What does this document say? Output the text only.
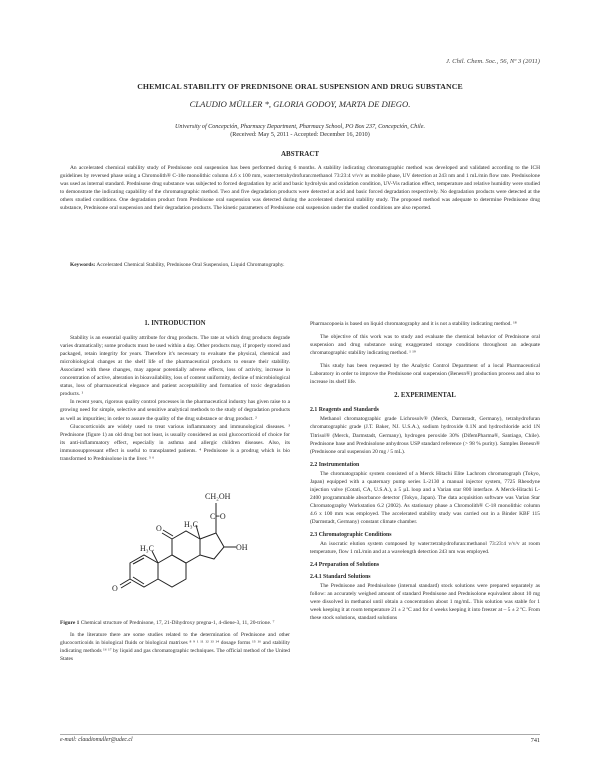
J. Chil. Chem. Soc., 56, Nº 3 (2011)
CHEMICAL STABILITY OF PREDNISONE ORAL SUSPENSION AND DRUG SUBSTANCE
CLAUDIO MÜLLER *, GLORIA GODOY, MARTA DE DIEGO.
University of Concepción, Pharmacy Department, Pharmacy School, PO Box 237, Concepción, Chile.
(Received: May 5, 2011 - Accepted: December 16, 2010)
ABSTRACT
An accelerated chemical stability study of Prednisone oral suspension has been performed during 6 months. A stability indicating chromatographic method was developed and validated according to the ICH guidelines by reversed phase using a Chromolith® C-18e monolithic column 4.6 x 100 mm, water:tetrahydrofuran:methanol 73:23:4 v/v/v as mobile phase, UV detection at 243 nm and 1 mL/min flow rate. Prednisolone was used as internal standard. Prednisone drug substance was subjected to forced degradation by acid and basic hydrolysis and oxidation condition, UV-Vis radiation effect, temperature and relative humidity were studied to demonstrate the indicating capability of the chromatographic method. Two and five degradation products were detected at acid and basic forced degradation respectively. No degradation products were detected at the others studied conditions. One degradation product from Prednisone oral suspension was detected during the accelerated chemical stability study. The proposed method was adequate to determine Prednisone drug substance, Prednisone oral suspension and their degradation products. The kinetic parameters of Prednisone oral suspension under the studied conditions are also reported.
Keywords: Accelerated Chemical Stability, Prednisone Oral Suspension, Liquid Chromatography.
1. INTRODUCTION

Stability is an essential quality attribute for drug products. The rate at which drug products degrade varies dramatically; some products must be used within a day. Other products may, if properly stored and packaged, retain integrity for years. Therefore it's necessary to evaluate the physical, chemical and microbiological changes at the shelf life of the pharmaceutical products to ensure their stability. Associated with these changes, may appear potentially adverse effects, loss of activity, increase in concentration of active, alteration in bioavailability, loss of content uniformity, decline of microbiological status, loss of pharmaceutical elegance and patient acceptability and formation of toxic degradation products. ¹

In recent years, rigorous quality control processes in the pharmaceutical industry has given raise to a growing need for simple, selective and sensitive analytical methods to the study of degradation products as well as impurities; in order to assure the quality of the drug substance or drug product. ²

Glucocorticoids are widely used to treat various inflammatory and immunological diseases. ³ Prednisone (figure 1) an old drug but not least, is usually considered as oral glucocorticoid of choice for its anti-inflammatory effect, especially in asthma and allergic children diseases. Also, its immunosuppressant effect is useful to transplanted patients. ⁴ Prednisone is a prodrug which is bio transformed to Prednisolone in the liver. ⁵ ⁶

CH₂OH
C=O
H₃C
H₃C	OH
O
O

Figure 1 Chemical structure of Prednisone, 17, 21-Dihydroxy pregna-1, 4-diene-3, 11, 20-trione. ⁷

In the literature there are some studies related to the determination of Prednisone and other glucocorticoids in biological fluids or biological matrixes ⁸ ⁹ ¹ ¹¹ ¹² ¹³ ¹⁴ dosage forms ¹⁵ ¹⁶ and stability indicating methods ¹⁶ ¹⁷ by liquid and gas chromatographic techniques. The official method of the United States

Pharmacopoeia is based on liquid chromatography and it is not a stability indicating method. ¹⁸

The objective of this work was to study and evaluate the chemical behavior of Prednisone oral suspension and drug substance using exaggerated storage conditions throughout an adequate chromatographic stability indicating method. ¹ ¹⁹

This study has been requested by the Analytic Control Department of a local Pharmaceutical Laboratory in order to improve the Prednisone oral suspension (Benesn®) production process and also to increase its shelf life.

2. EXPERIMENTAL
2.1 Reagents and Standards

Methanol chromatographic grade Lichrosolv® (Merck, Darmstadt, Germany), tetrahydrofuran chromatographic grade (J.T. Baker, NJ. U.S.A.), sodium hydroxide 0.1N and hydrochloride acid 1N Titrisol® (Merck, Darmstadt, Germany), hydrogen peroxide 30% (DifemPharma®, Santiago, Chile). Prednisone base and Prednisolone anhydrous USP standard reference (> 98 % purity). Samples Benesn® (Prednisone oral suspension 20 mg / 5 mL).

2.2 Instrumentation

The chromatographic system consisted of a Merck Hitachi Elite Lachrom chromatograph (Tokyo, Japan) equipped with a quaternary pump series L-2130 a manual injector system, 7725 Rheodyne injection valve (Cotati, CA, U.S.A.), a 5 µL loop and a Varian star 800 interface. A Merck-Hitachi L-2400 programmable absorbance detector (Tokyo, Japan). The data acquisition software was Varian Star Chromatography Workstation 6.2 (2002). As stationary phase a Chromolith® C-18 monolithic column 4.6 x 100 mm was employed. The accelerated stability study was carried out in a Binder KBF 115 (Darmstadt, Germany) constant climate chamber.

2.3 Chromatographic Conditions

An isocratic elution system composed by water:tetrahydrofuran:methanol 73:23:4 v/v/v at room temperature, flow 1 mL/min and at a wavelength detection 243 nm was employed.

2.4 Preparation of Solutions
2.4.1 Standard Solutions

The Prednisone and Prednisolone (internal standard) stock solutions were prepared separately as follow: an accurately weighed amount of standard Prednisone and Prednisolone equivalent about 10 mg were dissolved in methanol until obtain a concentration about 1 mg/mL. This solution was stable for 1 week keeping it at room temperature 21 ± 2 ºC and for 4 weeks keeping it into freezer at – 5 ± 2 ºC. From these stock solutions, standard solutions

e-mail: claudiomuller@udec.cl	741
